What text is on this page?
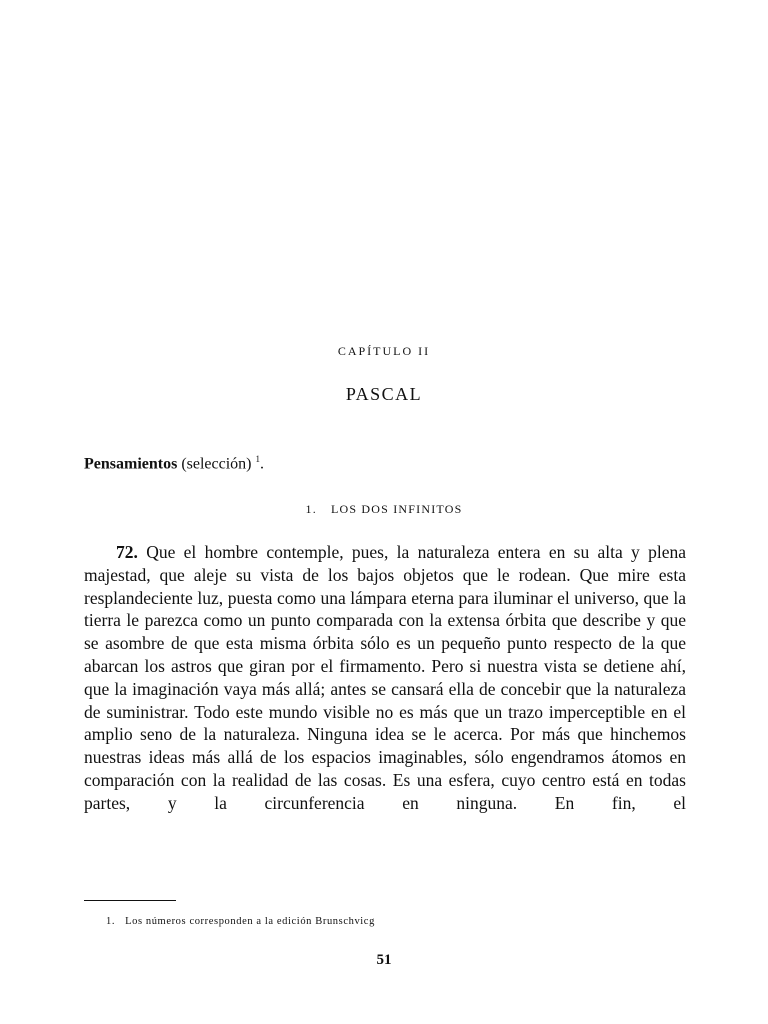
CAPÍTULO II
PASCAL
Pensamientos (selección) $^1$.
1. LOS DOS INFINITOS

72. Que el hombre contemple, pues, la naturaleza entera en su alta y plena majestad, que aleje su vista de los bajos objetos que le rodean. Que mire esta resplandeciente luz, puesta como una lámpara eterna para iluminar el universo, que la tierra le parezca como un punto comparada con la extensa órbita que describe y que se asombre de que esta misma órbita sólo es un pequeño punto respecto de la que abarcan los astros que giran por el firmamento. Pero si nuestra vista se detiene ahí, que la imaginación vaya más allá; antes se cansará ella de concebir que la naturaleza de suministrar. Todo este mundo visible no es más que un trazo imperceptible en el amplio seno de la naturaleza. Ninguna idea se le acerca. Por más que hinchemos nuestras ideas más allá de los espacios imaginables, sólo engendramos átomos en comparación con la realidad de las cosas. Es una esfera, cuyo centro está en todas partes, y la circunferencia en ninguna. En fin, el

1. Los números corresponden a la edición Brunschvicg
51
